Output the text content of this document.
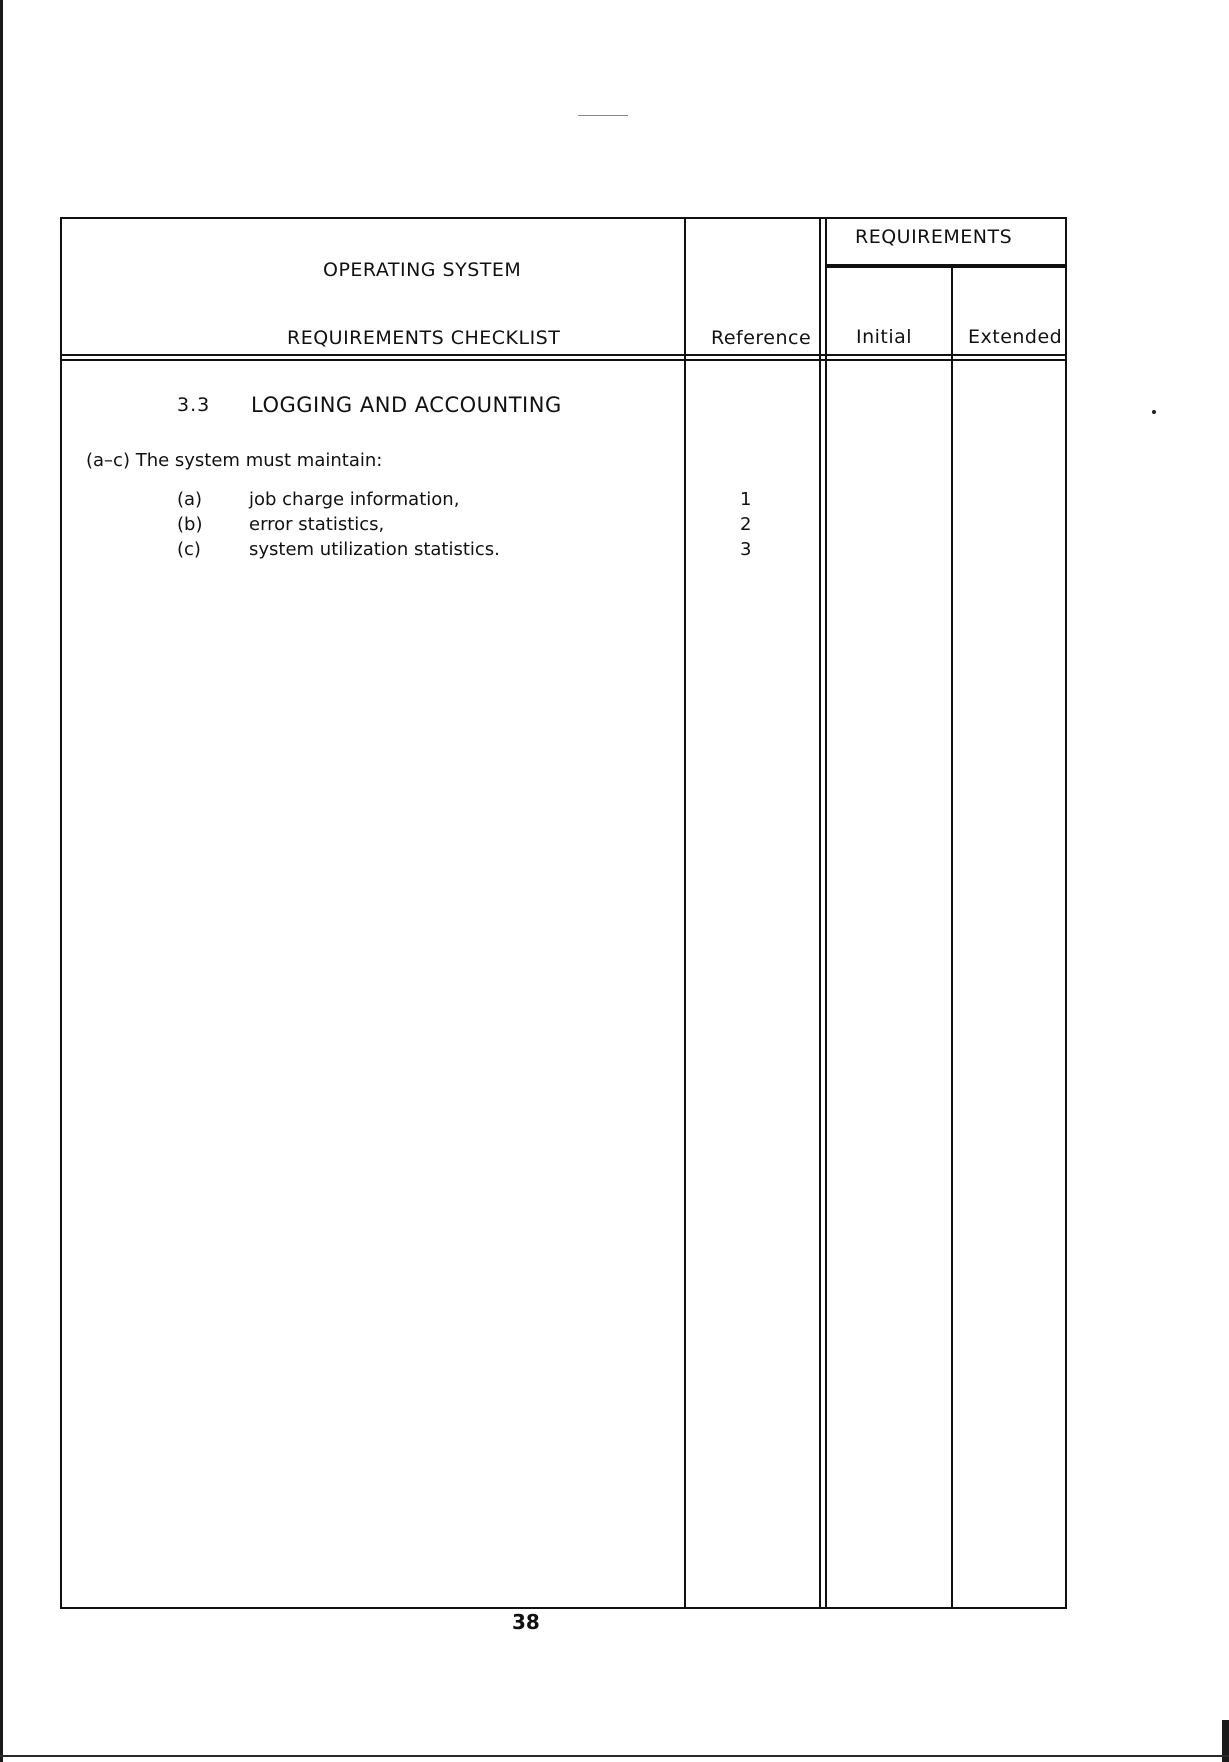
OPERATING SYSTEM
REQUIREMENTS CHECKLIST	Reference
REQUIREMENTS
Initial	Extended
3.3 LOGGING AND ACCOUNTING
(a–c) The system must maintain:
(a)	job charge information,	1
(b)	error statistics,	2
(c)	system utilization statistics.	3
38
